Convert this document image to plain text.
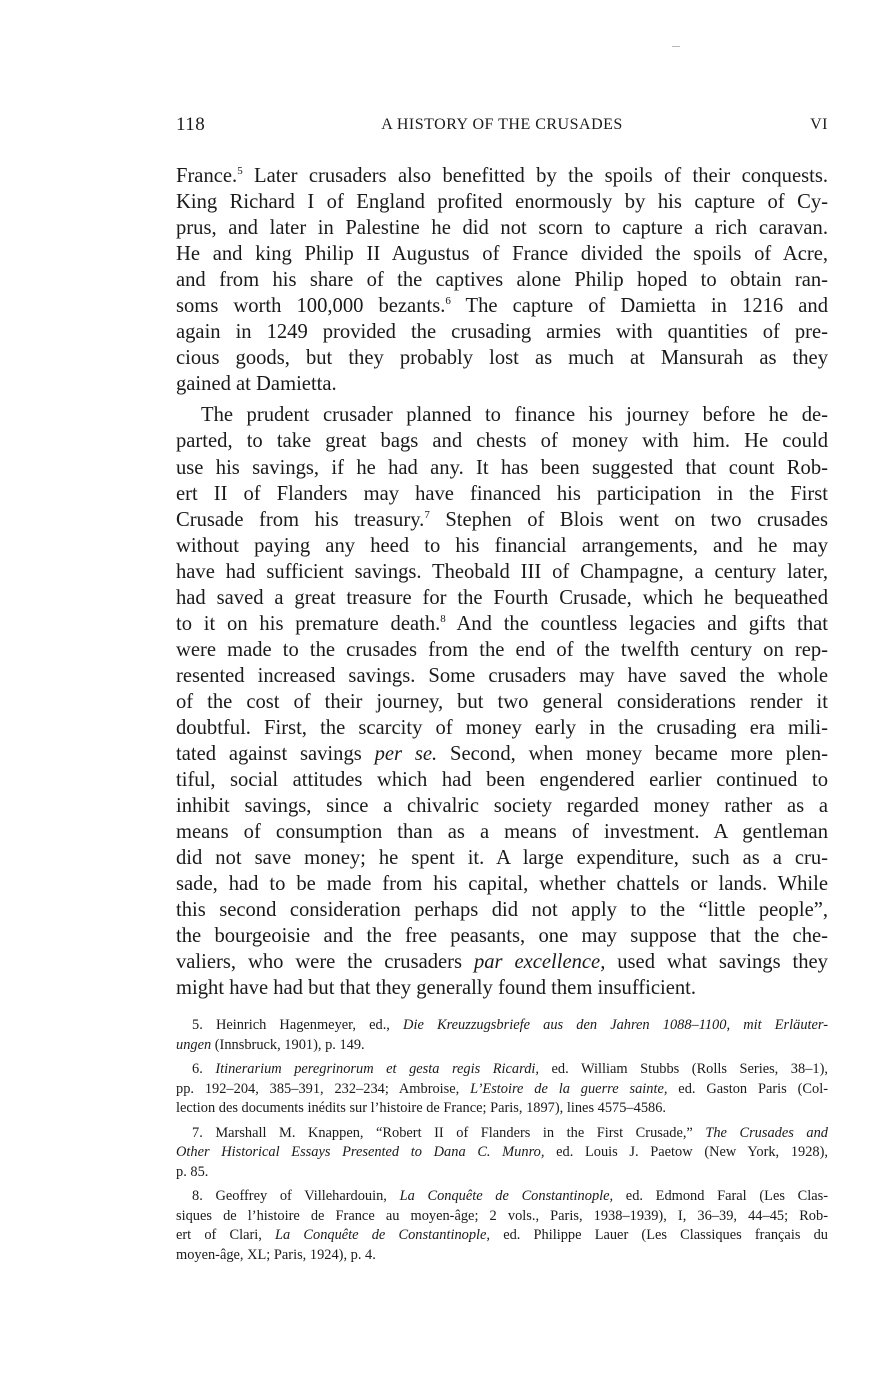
118	A HISTORY OF THE CRUSADES	VI
France.$^5$ Later crusaders also benefitted by the spoils of their conquests.
King Richard I of England profited enormously by his capture of Cy-
prus, and later in Palestine he did not scorn to capture a rich caravan.
He and king Philip II Augustus of France divided the spoils of Acre,
and from his share of the captives alone Philip hoped to obtain ran-
soms worth 100,000 bezants.$^6$ The capture of Damietta in 1216 and
again in 1249 provided the crusading armies with quantities of pre-
cious goods, but they probably lost as much at Mansurah as they
gained at Damietta.
The prudent crusader planned to finance his journey before he de-
parted, to take great bags and chests of money with him. He could
use his savings, if he had any. It has been suggested that count Rob-
ert II of Flanders may have financed his participation in the First
Crusade from his treasury.$^7$ Stephen of Blois went on two crusades
without paying any heed to his financial arrangements, and he may
have had sufficient savings. Theobald III of Champagne, a century later,
had saved a great treasure for the Fourth Crusade, which he bequeathed
to it on his premature death.$^8$ And the countless legacies and gifts that
were made to the crusades from the end of the twelfth century on rep-
resented increased savings. Some crusaders may have saved the whole
of the cost of their journey, but two general considerations render it
doubtful. First, the scarcity of money early in the crusading era mili-
tated against savings per se. Second, when money became more plen-
tiful, social attitudes which had been engendered earlier continued to
inhibit savings, since a chivalric society regarded money rather as a
means of consumption than as a means of investment. A gentleman
did not save money; he spent it. A large expenditure, such as a cru-
sade, had to be made from his capital, whether chattels or lands. While
this second consideration perhaps did not apply to the “little people”,
the bourgeoisie and the free peasants, one may suppose that the che-
valiers, who were the crusaders par excellence, used what savings they
might have had but that they generally found them insufficient.
5. Heinrich Hagenmeyer, ed., Die Kreuzzugsbriefe aus den Jahren 1088–1100, mit Erläuter-
ungen (Innsbruck, 1901), p. 149.
6. Itinerarium peregrinorum et gesta regis Ricardi, ed. William Stubbs (Rolls Series, 38–1),
pp. 192–204, 385–391, 232–234; Ambroise, L’Estoire de la guerre sainte, ed. Gaston Paris (Col-
lection des documents inédits sur l’histoire de France; Paris, 1897), lines 4575–4586.
7. Marshall M. Knappen, “Robert II of Flanders in the First Crusade,” The Crusades and
Other Historical Essays Presented to Dana C. Munro, ed. Louis J. Paetow (New York, 1928),
p. 85.
8. Geoffrey of Villehardouin, La Conquête de Constantinople, ed. Edmond Faral (Les Clas-
siques de l’histoire de France au moyen-âge; 2 vols., Paris, 1938–1939), I, 36–39, 44–45; Rob-
ert of Clari, La Conquête de Constantinople, ed. Philippe Lauer (Les Classiques français du
moyen-âge, XL; Paris, 1924), p. 4.
